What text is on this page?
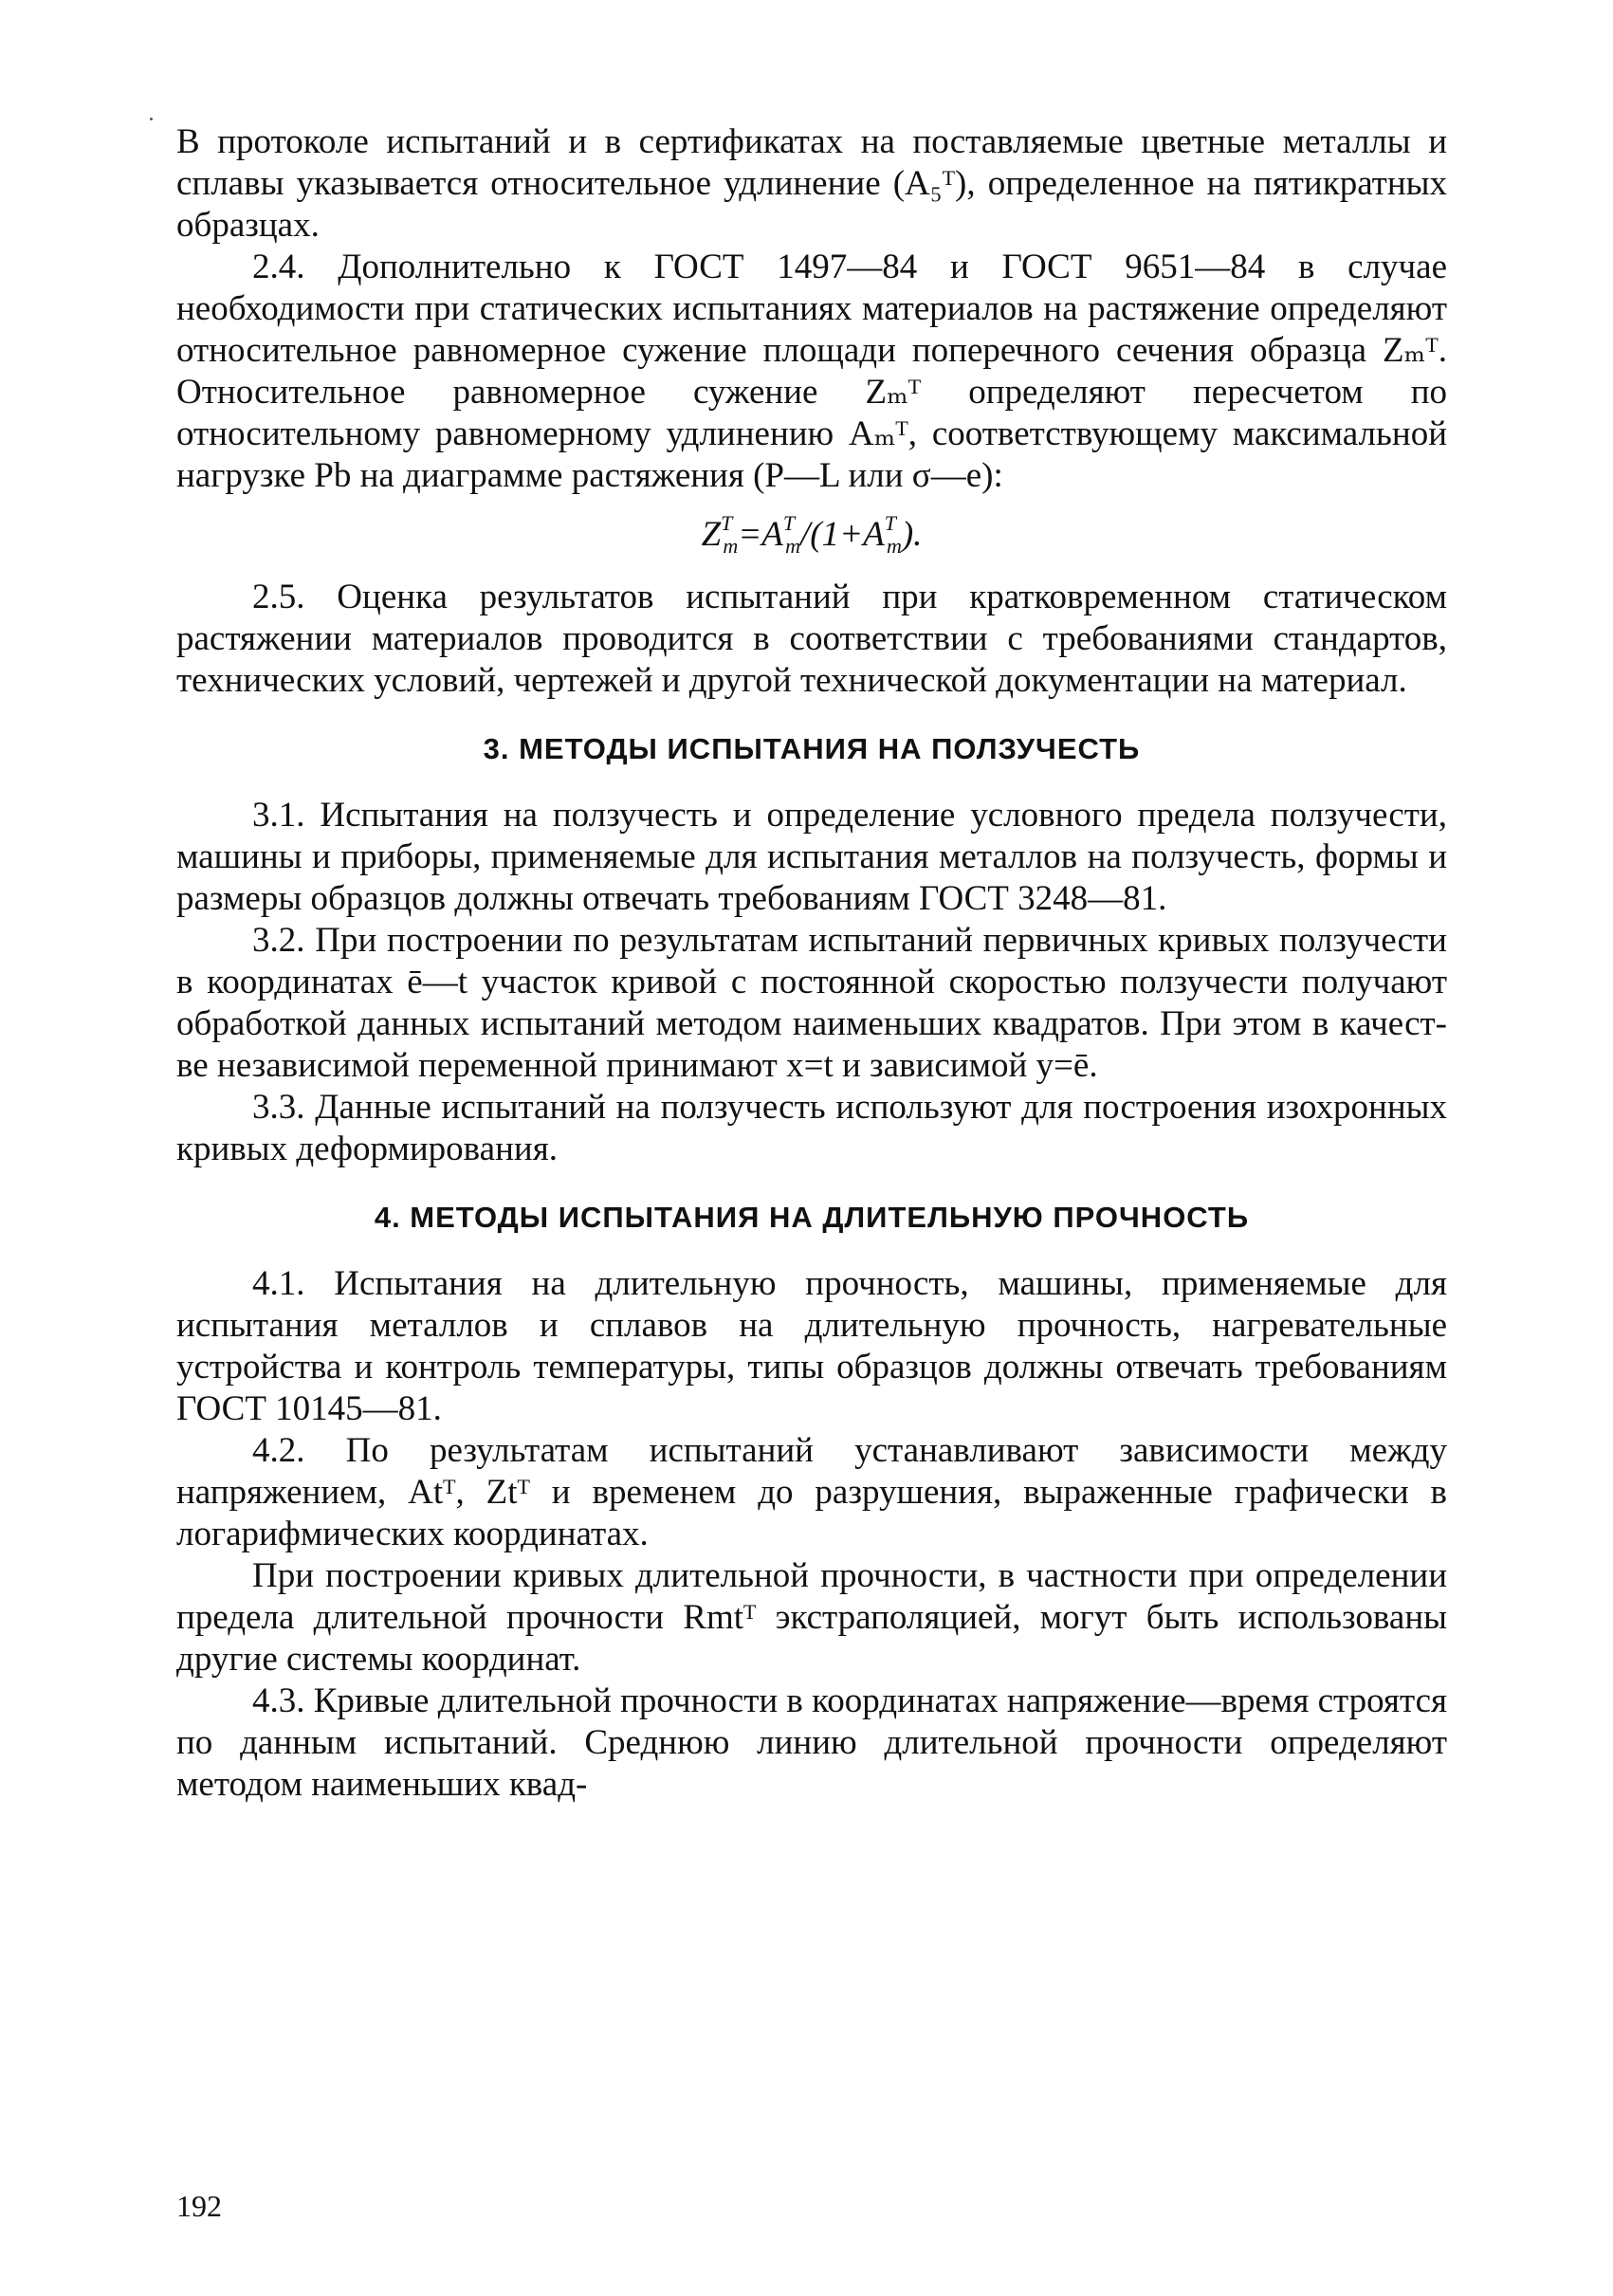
В протоколе испытаний и в сертификатах на поставляемые цветные металлы и сплавы указывается относительное удлинение (A₅ᵀ), определенное на пятикратных образцах.

2.4. Дополнительно к ГОСТ 1497—84 и ГОСТ 9651—84 в случае необходимости при статических испытаниях материалов на растяжение определяют относительное равномерное сужение площади поперечного сечения образца Zₘᵀ. Относительное равномерное сужение Zₘᵀ определяют пересчетом по относительному равномерному удлинению Aₘᵀ, соответствующему максимальной нагрузке Pb на диаграмме растяжения (P—L или σ—e):

$Z^T_m=A^T_m/(1+A^T_m)$.

2.5. Оценка результатов испытаний при кратковременном статическом растяжении материалов проводится в соответствии с требованиями стандартов, технических условий, чертежей и другой технической документации на материал.

3. МЕТОДЫ ИСПЫТАНИЯ НА ПОЛЗУЧЕСТЬ

3.1. Испытания на ползучесть и определение условного предела ползучести, машины и приборы, применяемые для испытания металлов на ползучесть, формы и размеры образцов должны отвечать требованиям ГОСТ 3248—81.

3.2. При построении по результатам испытаний первичных кривых ползучести в координатах ē—t участок кривой с постоянной скоростью ползучести получают обработкой данных испытаний методом наименьших квадратов. При этом в качестве независимой переменной принимают x=t и зависимой y=ē.

3.3. Данные испытаний на ползучесть используют для построения изохронных кривых деформирования.

4. МЕТОДЫ ИСПЫТАНИЯ НА ДЛИТЕЛЬНУЮ ПРОЧНОСТЬ

4.1. Испытания на длительную прочность, машины, применяемые для испытания металлов и сплавов на длительную прочность, нагревательные устройства и контроль температуры, типы образцов должны отвечать требованиям ГОСТ 10145—81.

4.2. По результатам испытаний устанавливают зависимости между напряжением, Atᵀ, Ztᵀ и временем до разрушения, выраженные графически в логарифмических координатах.

При построении кривых длительной прочности, в частности при определении предела длительной прочности Rmtᵀ экстраполяцией, могут быть использованы другие системы координат.

4.3. Кривые длительной прочности в координатах напряжение—время строятся по данным испытаний. Среднюю линию длительной прочности определяют методом наименьших квад-

192
